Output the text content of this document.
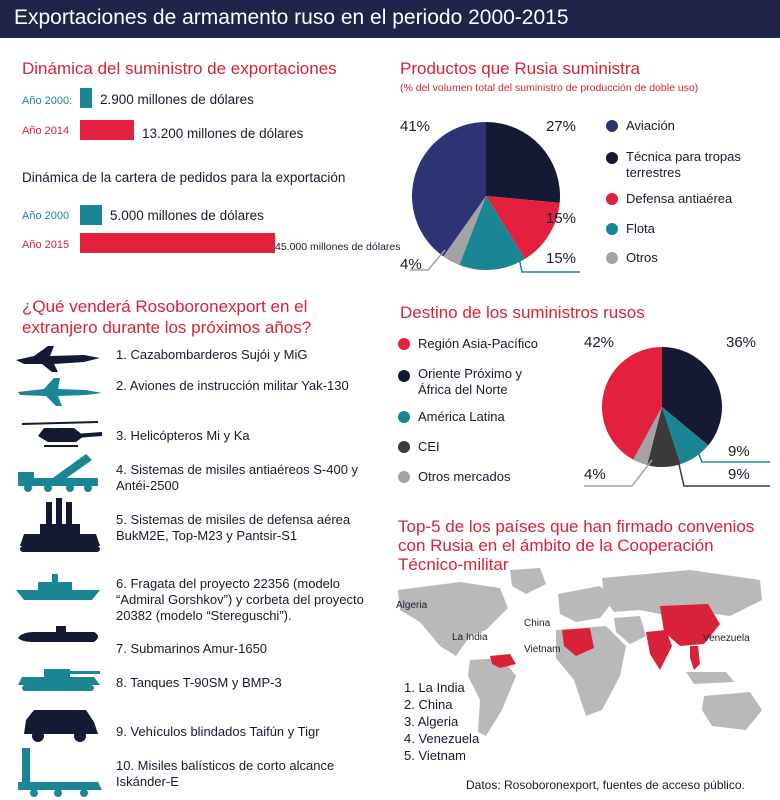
Exportaciones de armamento ruso en el periodo 2000-2015
Dinámica del suministro de exportaciones
Año 2000: 2.900 millones de dólares
Año 2014	13.200 millones de dólares
Dinámica de la cartera de pedidos para la exportación
Año 2000	5.000 millones de dólares
Año 2015	45.000 millones de dólares
Productos que Rusia suministra
(% del volumen total del suministro de producción de doble uso)
41%	27%
15%
15%
4%
Aviación
Técnica para tropas terrestres
Defensa antiaérea
Flota
Otros
¿Qué venderá Rosoboronexport en el
extranjero durante los próximos años?
1. Cazabombarderos Sujói y MiG
2. Aviones de instrucción militar Yak-130
3. Helicópteros Mi y Ka
4. Sistemas de misiles antiaéreos S-400 y Antéi-2500
5. Sistemas de misiles de defensa aérea BukM2E, Top-M23 y Pantsir-S1
6. Fragata del proyecto 22356 (modelo “Admiral Gorshkov”) y corbeta del proyecto 20382 (modelo “Stereguschi”).
7. Submarinos Amur-1650
8. Tanques T-90SM y BMP-3
9. Vehículos blindados Taifún y Tigr
10. Misiles balísticos de corto alcance Iskánder-E
Destino de los suministros rusos
Región Asia-Pacífico
Oriente Próximo y África del Norte
América Latina
CEI
Otros mercados
42%	36%
9%
9%
4%
Top-5 de los países que han firmado convenios
con Rusia en el ámbito de la Cooperación
Técnico-militar
Algeria
China
La India
Vietnam
Venezuela
1. La India
2. China
3. Algeria
4. Venezuela
5. Vietnam
Datos: Rosoboronexport, fuentes de acceso público.
